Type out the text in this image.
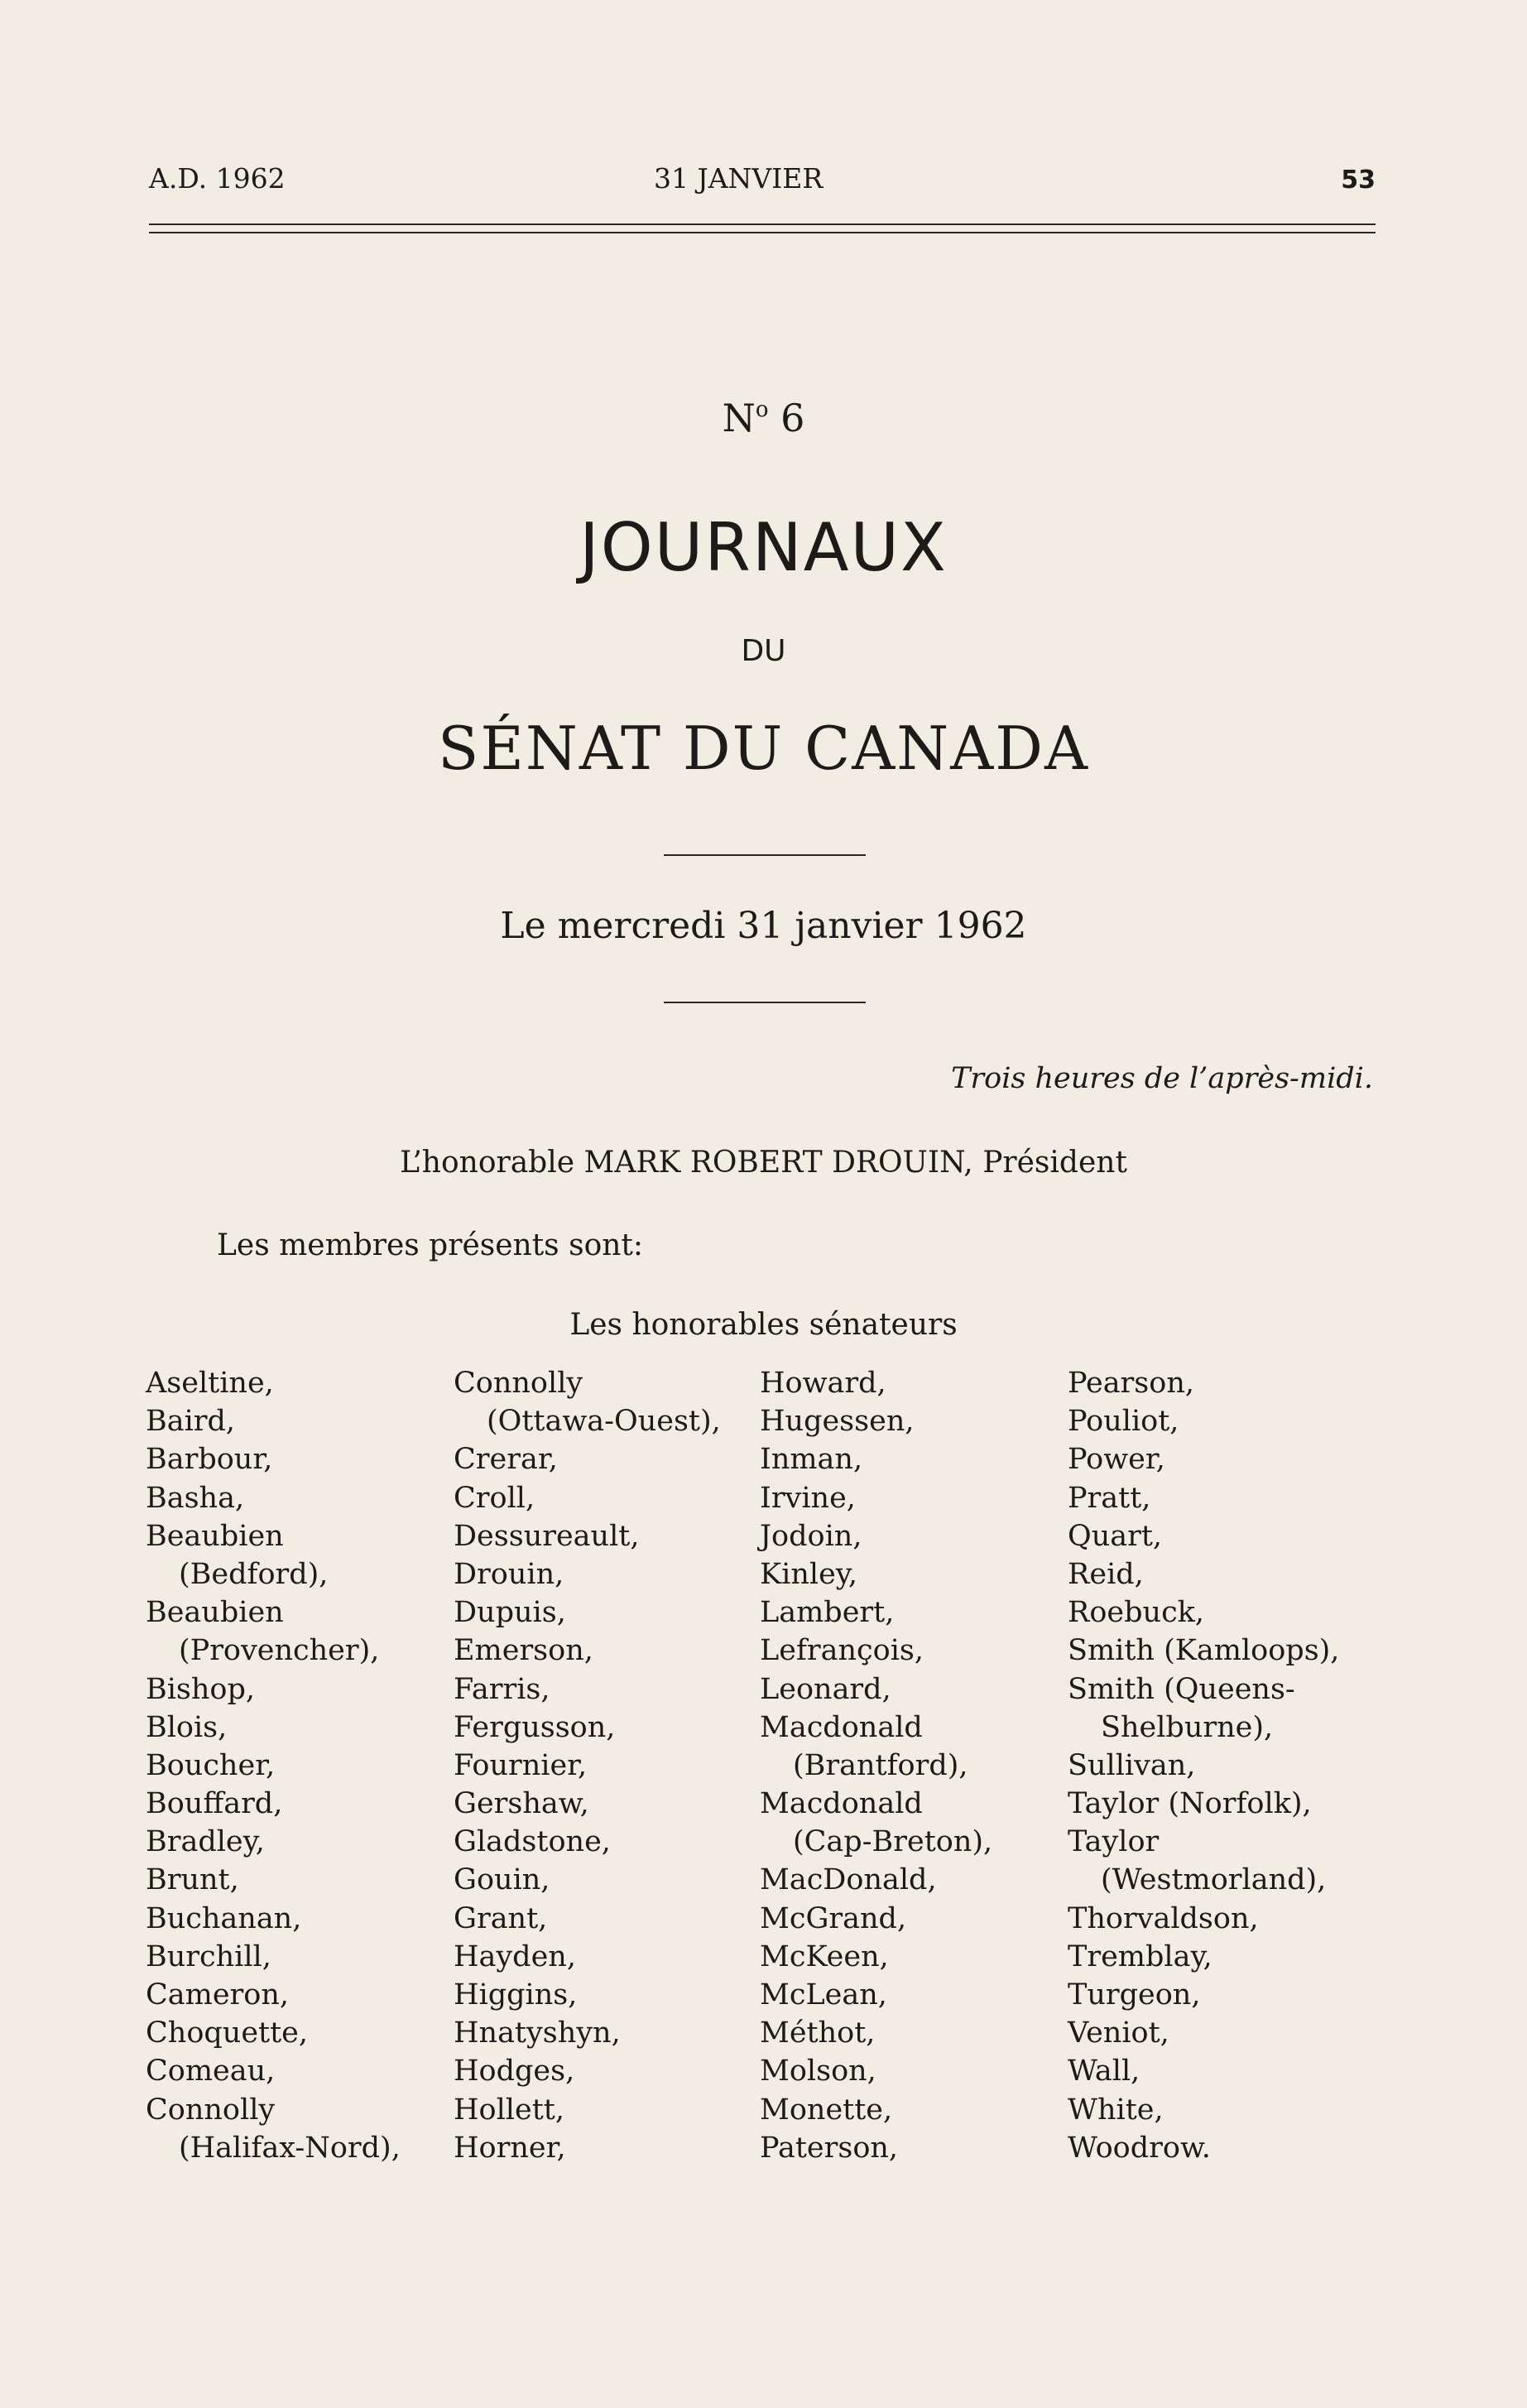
A.D. 1962	31 JANVIER	53
$N^o$ 6
JOURNAUX
DU
SÉNAT DU CANADA
Le mercredi 31 janvier 1962
Trois heures de l’après-midi.
L’honorable MARK ROBERT DROUIN, Président
Les membres présents sont:
Les honorables sénateurs
Aseltine,
Baird,
Barbour,
Basha,
Beaubien
(Bedford),
Beaubien
(Provencher),
Bishop,
Blois,
Boucher,
Bouffard,
Bradley,
Brunt,
Buchanan,
Burchill,
Cameron,
Choquette,
Comeau,
Connolly
(Halifax-Nord),
Connolly
(Ottawa-Ouest),
Crerar,
Croll,
Dessureault,
Drouin,
Dupuis,
Emerson,
Farris,
Fergusson,
Fournier,
Gershaw,
Gladstone,
Gouin,
Grant,
Hayden,
Higgins,
Hnatyshyn,
Hodges,
Hollett,
Horner,
Howard,
Hugessen,
Inman,
Irvine,
Jodoin,
Kinley,
Lambert,
Lefrançois,
Leonard,
Macdonald
(Brantford),
Macdonald
(Cap-Breton),
MacDonald,
McGrand,
McKeen,
McLean,
Méthot,
Molson,
Monette,
Paterson,
Pearson,
Pouliot,
Power,
Pratt,
Quart,
Reid,
Roebuck,
Smith (Kamloops),
Smith (Queens-
Shelburne),
Sullivan,
Taylor (Norfolk),
Taylor
(Westmorland),
Thorvaldson,
Tremblay,
Turgeon,
Veniot,
Wall,
White,
Woodrow.
